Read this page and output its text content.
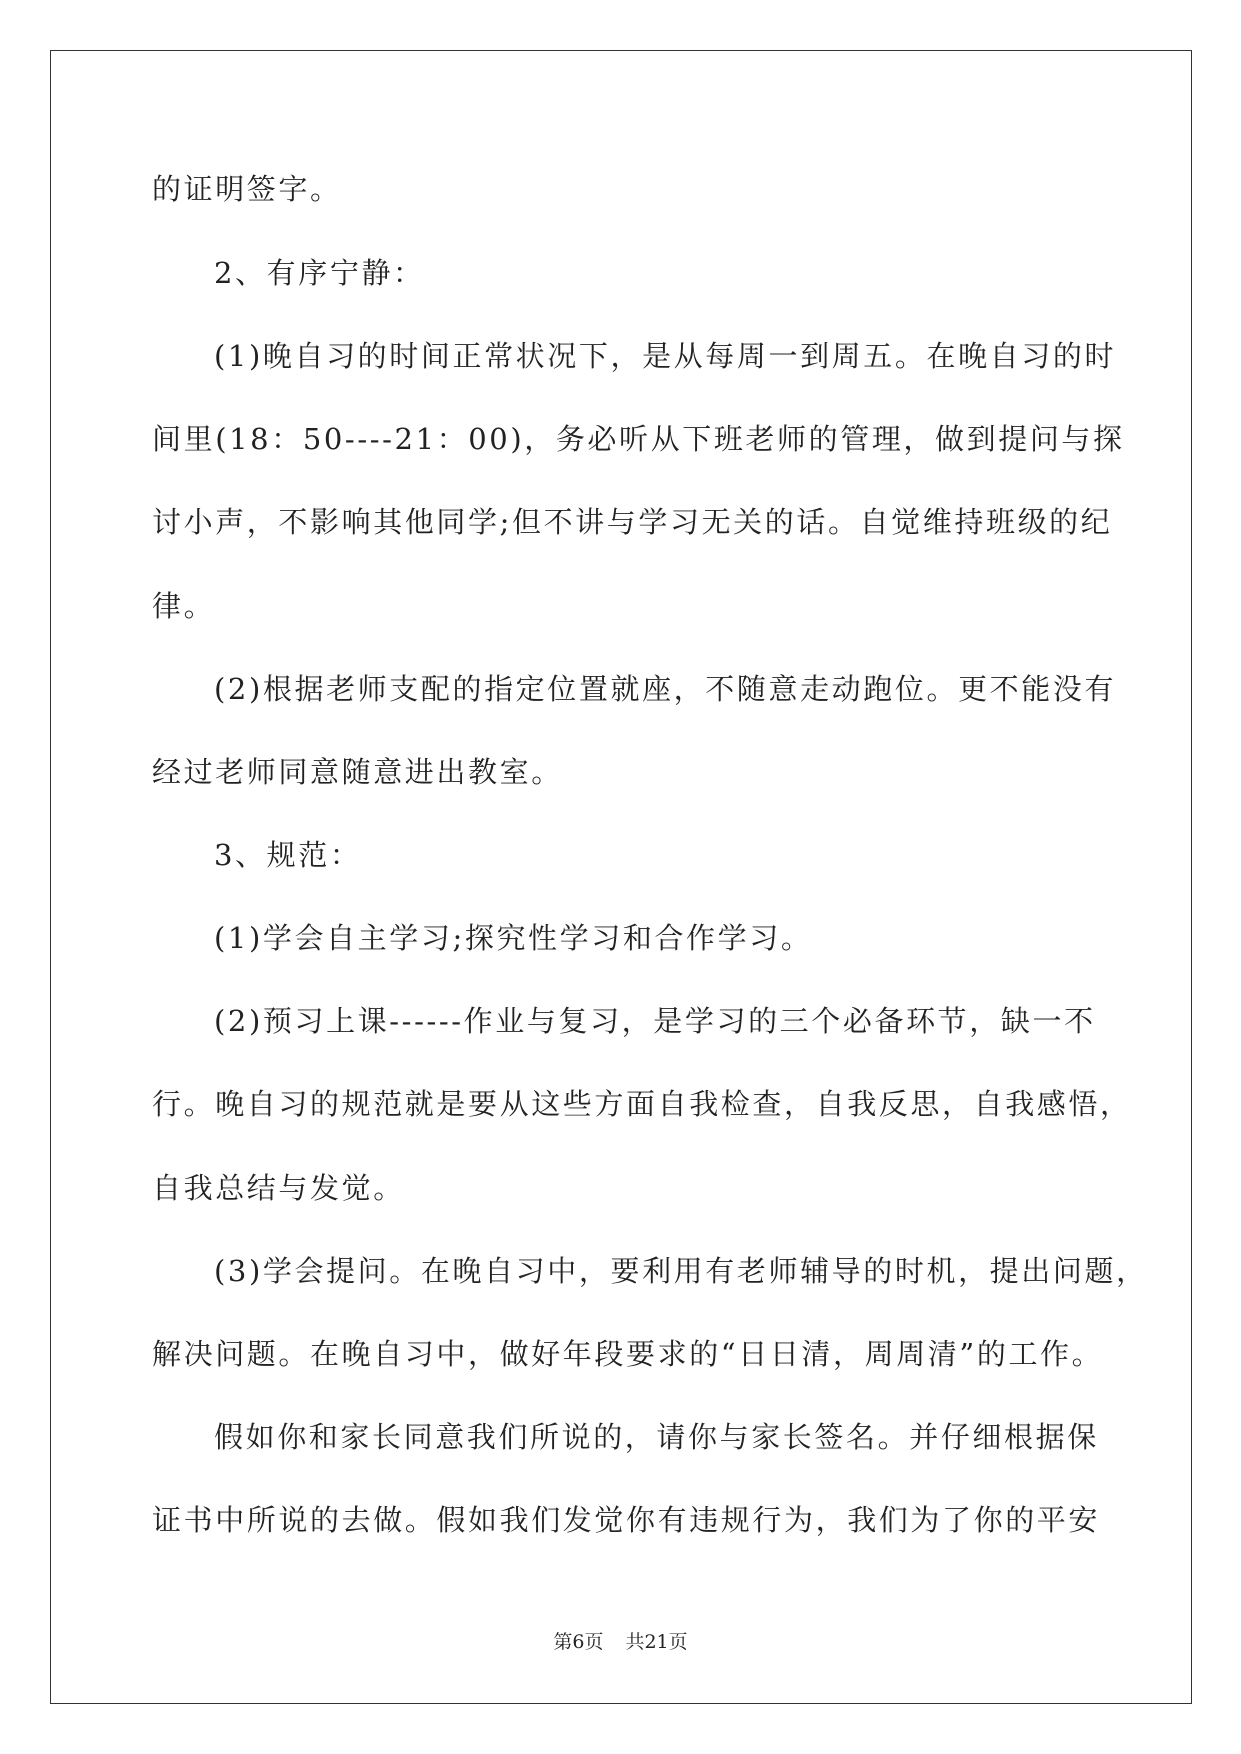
的证明签字。
2、有序宁静：
(1)晚自习的时间正常状况下，是从每周一到周五。在晚自习的时
间里(18：50----21：00)，务必听从下班老师的管理，做到提问与探
讨小声，不影响其他同学;但不讲与学习无关的话。自觉维持班级的纪
律。
(2)根据老师支配的指定位置就座，不随意走动跑位。更不能没有
经过老师同意随意进出教室。
3、规范：
(1)学会自主学习;探究性学习和合作学习。
(2)预习上课------作业与复习，是学习的三个必备环节，缺一不
行。晚自习的规范就是要从这些方面自我检查，自我反思，自我感悟，
自我总结与发觉。
(3)学会提问。在晚自习中，要利用有老师辅导的时机，提出问题，
解决问题。在晚自习中，做好年段要求的“日日清，周周清”的工作。
假如你和家长同意我们所说的，请你与家长签名。并仔细根据保
证书中所说的去做。假如我们发觉你有违规行为，我们为了你的平安
第6页 共21页
